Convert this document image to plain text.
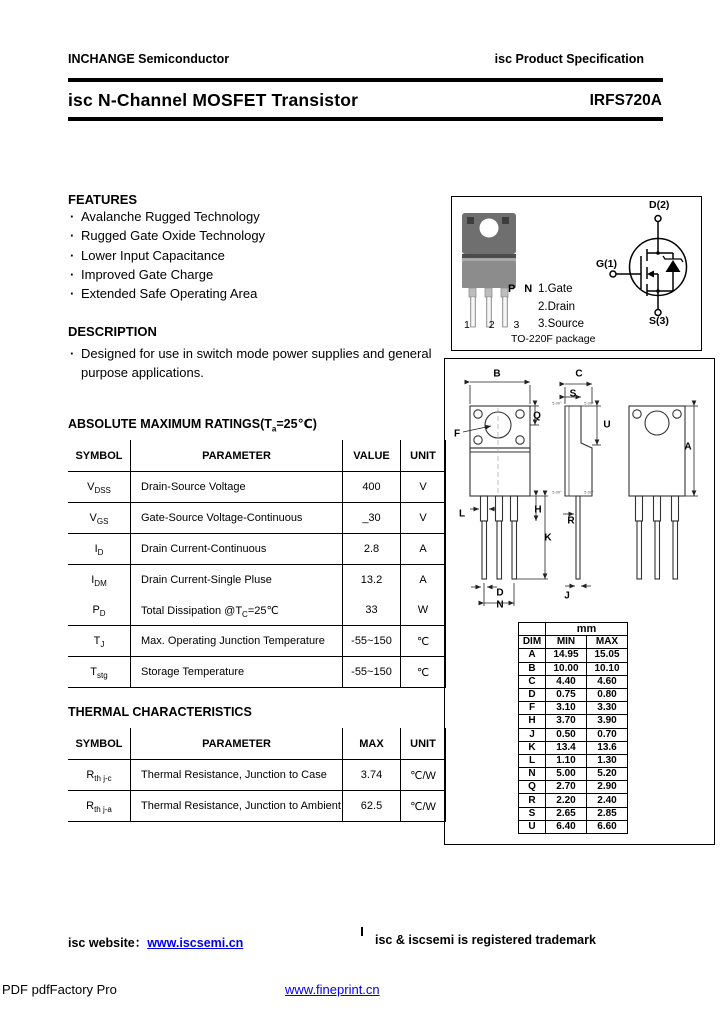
INCHANGE Semiconductor	isc Product Specification
isc N-Channel MOSFET Transistor	IRFS720A
FEATURES
· Avalanche Rugged Technology
· Rugged Gate Oxide Technology
· Lower Input Capacitance
· Improved Gate Charge
· Extended Safe Operating Area
DESCRIPTION
· Designed for use in switch mode power supplies and general purpose applications.
ABSOLUTE MAXIMUM $RATINGS(T_a=25℃)$
SYMBOL	PARAMETER	VALUE	UNIT
$V_{DSS}$	Drain-Source Voltage	400	V
$V_{GS}$	Gate-Source Voltage-Continuous	_30	V
$I_D$	Drain Current-Continuous	2.8	A
$I_{DM}$	Drain Current-Single Pluse	13.2	A
$P_D$	Total Dissipation $@T_C=25℃$	33	W
$T_J$	Max. Operating Junction Temperature	-55~150	℃
$T_{stg}$	Storage Temperature	-55~150	℃
THERMAL CHARACTERISTICS
SYMBOL	PARAMETER	MAX	UNIT
$R_{th j-c}$	Thermal Resistance, Junction to Case	3.74	℃/W
$R_{th j-a}$	Thermal Resistance, Junction to Ambient	62.5	℃/W
1 2 3
P N 1.Gate
2.Drain
3.Source
TO-220F package
D(2)
G(1)
S(3)
B
Q
F
L	H
K
D
N
C
S
U
R
J
A
5.00°	5.00°
5.00°	5.00°
	mm	
DIM	MIN	MAX
A	14.95	15.05
B	10.00	10.10
C	4.40	4.60
D	0.75	0.80
F	3.10	3.30
H	3.70	3.90
J	0.50	0.70
K	13.4	13.6
L	1.10	1.30
N	5.00	5.20
Q	2.70	2.90
R	2.20	2.40
S	2.65	2.85
U	6.40	6.60
isc website：www.iscsemi.cn	isc & iscsemi is registered trademark
PDF pdfFactory Pro	www.fineprint.cn
